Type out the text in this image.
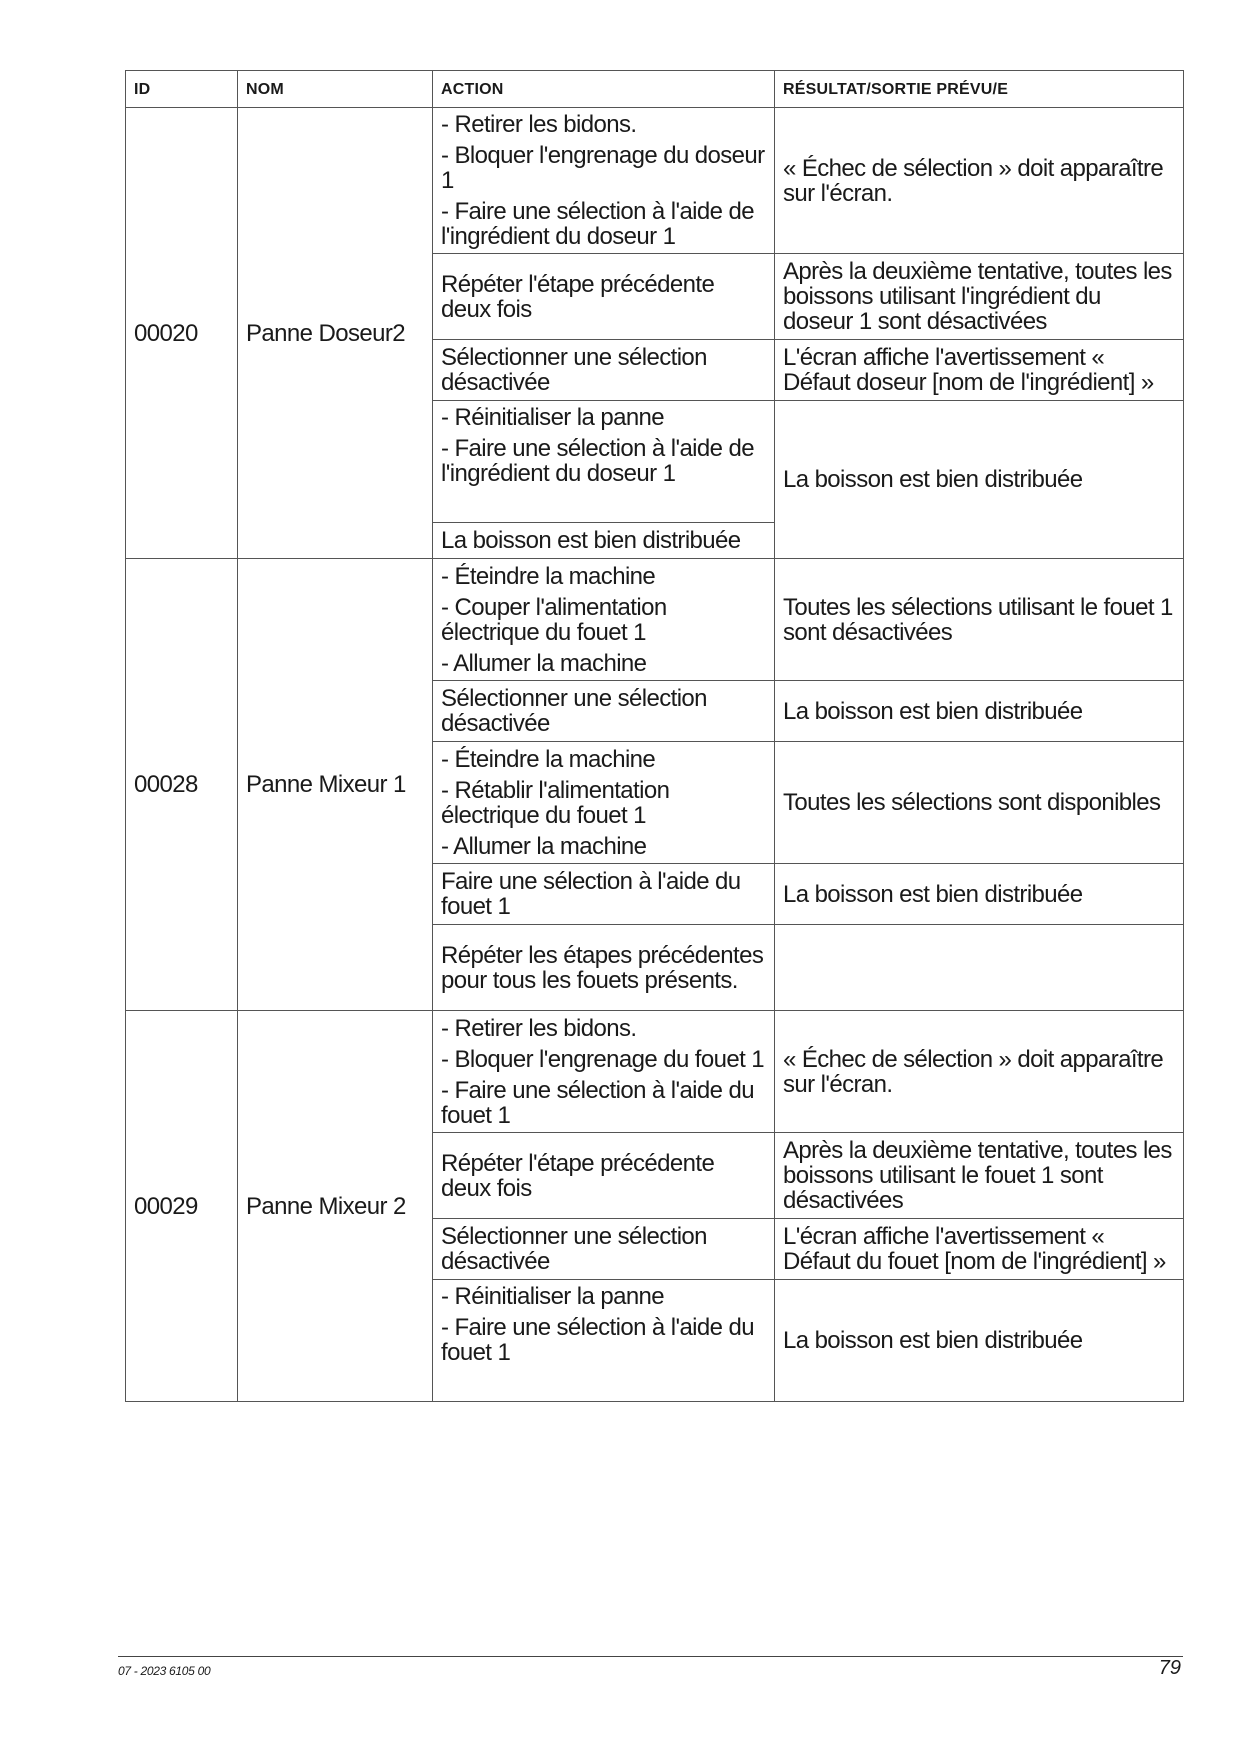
ID	NOM	ACTION	RÉSULTAT/SORTIE PRÉVU/E
00020	Panne Doseur2	- Retirer les bidons.
- Bloquer l'engrenage du doseur 1
- Faire une sélection à l'aide de l'ingrédient du doseur 1	« Échec de sélection » doit apparaître sur l'écran.

		Répéter l'étape précédente deux fois	Après la deuxième tentative, toutes les boissons utilisant l'ingrédient du doseur 1 sont désactivées

		Sélectionner une sélection désactivée	L'écran affiche l'avertissement « Défaut doseur [nom de l'ingrédient] »

		- Réinitialiser la panne
- Faire une sélection à l'aide de l'ingrédient du doseur 1	La boisson est bien distribuée

		La boisson est bien distribuée	

00028	Panne Mixeur 1	- Éteindre la machine
- Couper l'alimentation électrique du fouet 1
- Allumer la machine	Toutes les sélections utilisant le fouet 1 sont désactivées

		Sélectionner une sélection désactivée	La boisson est bien distribuée

		- Éteindre la machine
- Rétablir l'alimentation électrique du fouet 1
- Allumer la machine	Toutes les sélections sont disponibles

		Faire une sélection à l'aide du fouet 1	La boisson est bien distribuée

		Répéter les étapes précédentes pour tous les fouets présents.	

00029	Panne Mixeur 2	- Retirer les bidons.
- Bloquer l'engrenage du fouet 1
- Faire une sélection à l'aide du fouet 1	« Échec de sélection » doit apparaître sur l'écran.

		Répéter l'étape précédente deux fois	Après la deuxième tentative, toutes les boissons utilisant le fouet 1 sont désactivées

		Sélectionner une sélection désactivée	L'écran affiche l'avertissement « Défaut du fouet [nom de l'ingrédient] »

		- Réinitialiser la panne
- Faire une sélection à l'aide du fouet 1	La boisson est bien distribuée
07 - 2023 6105 00	79
